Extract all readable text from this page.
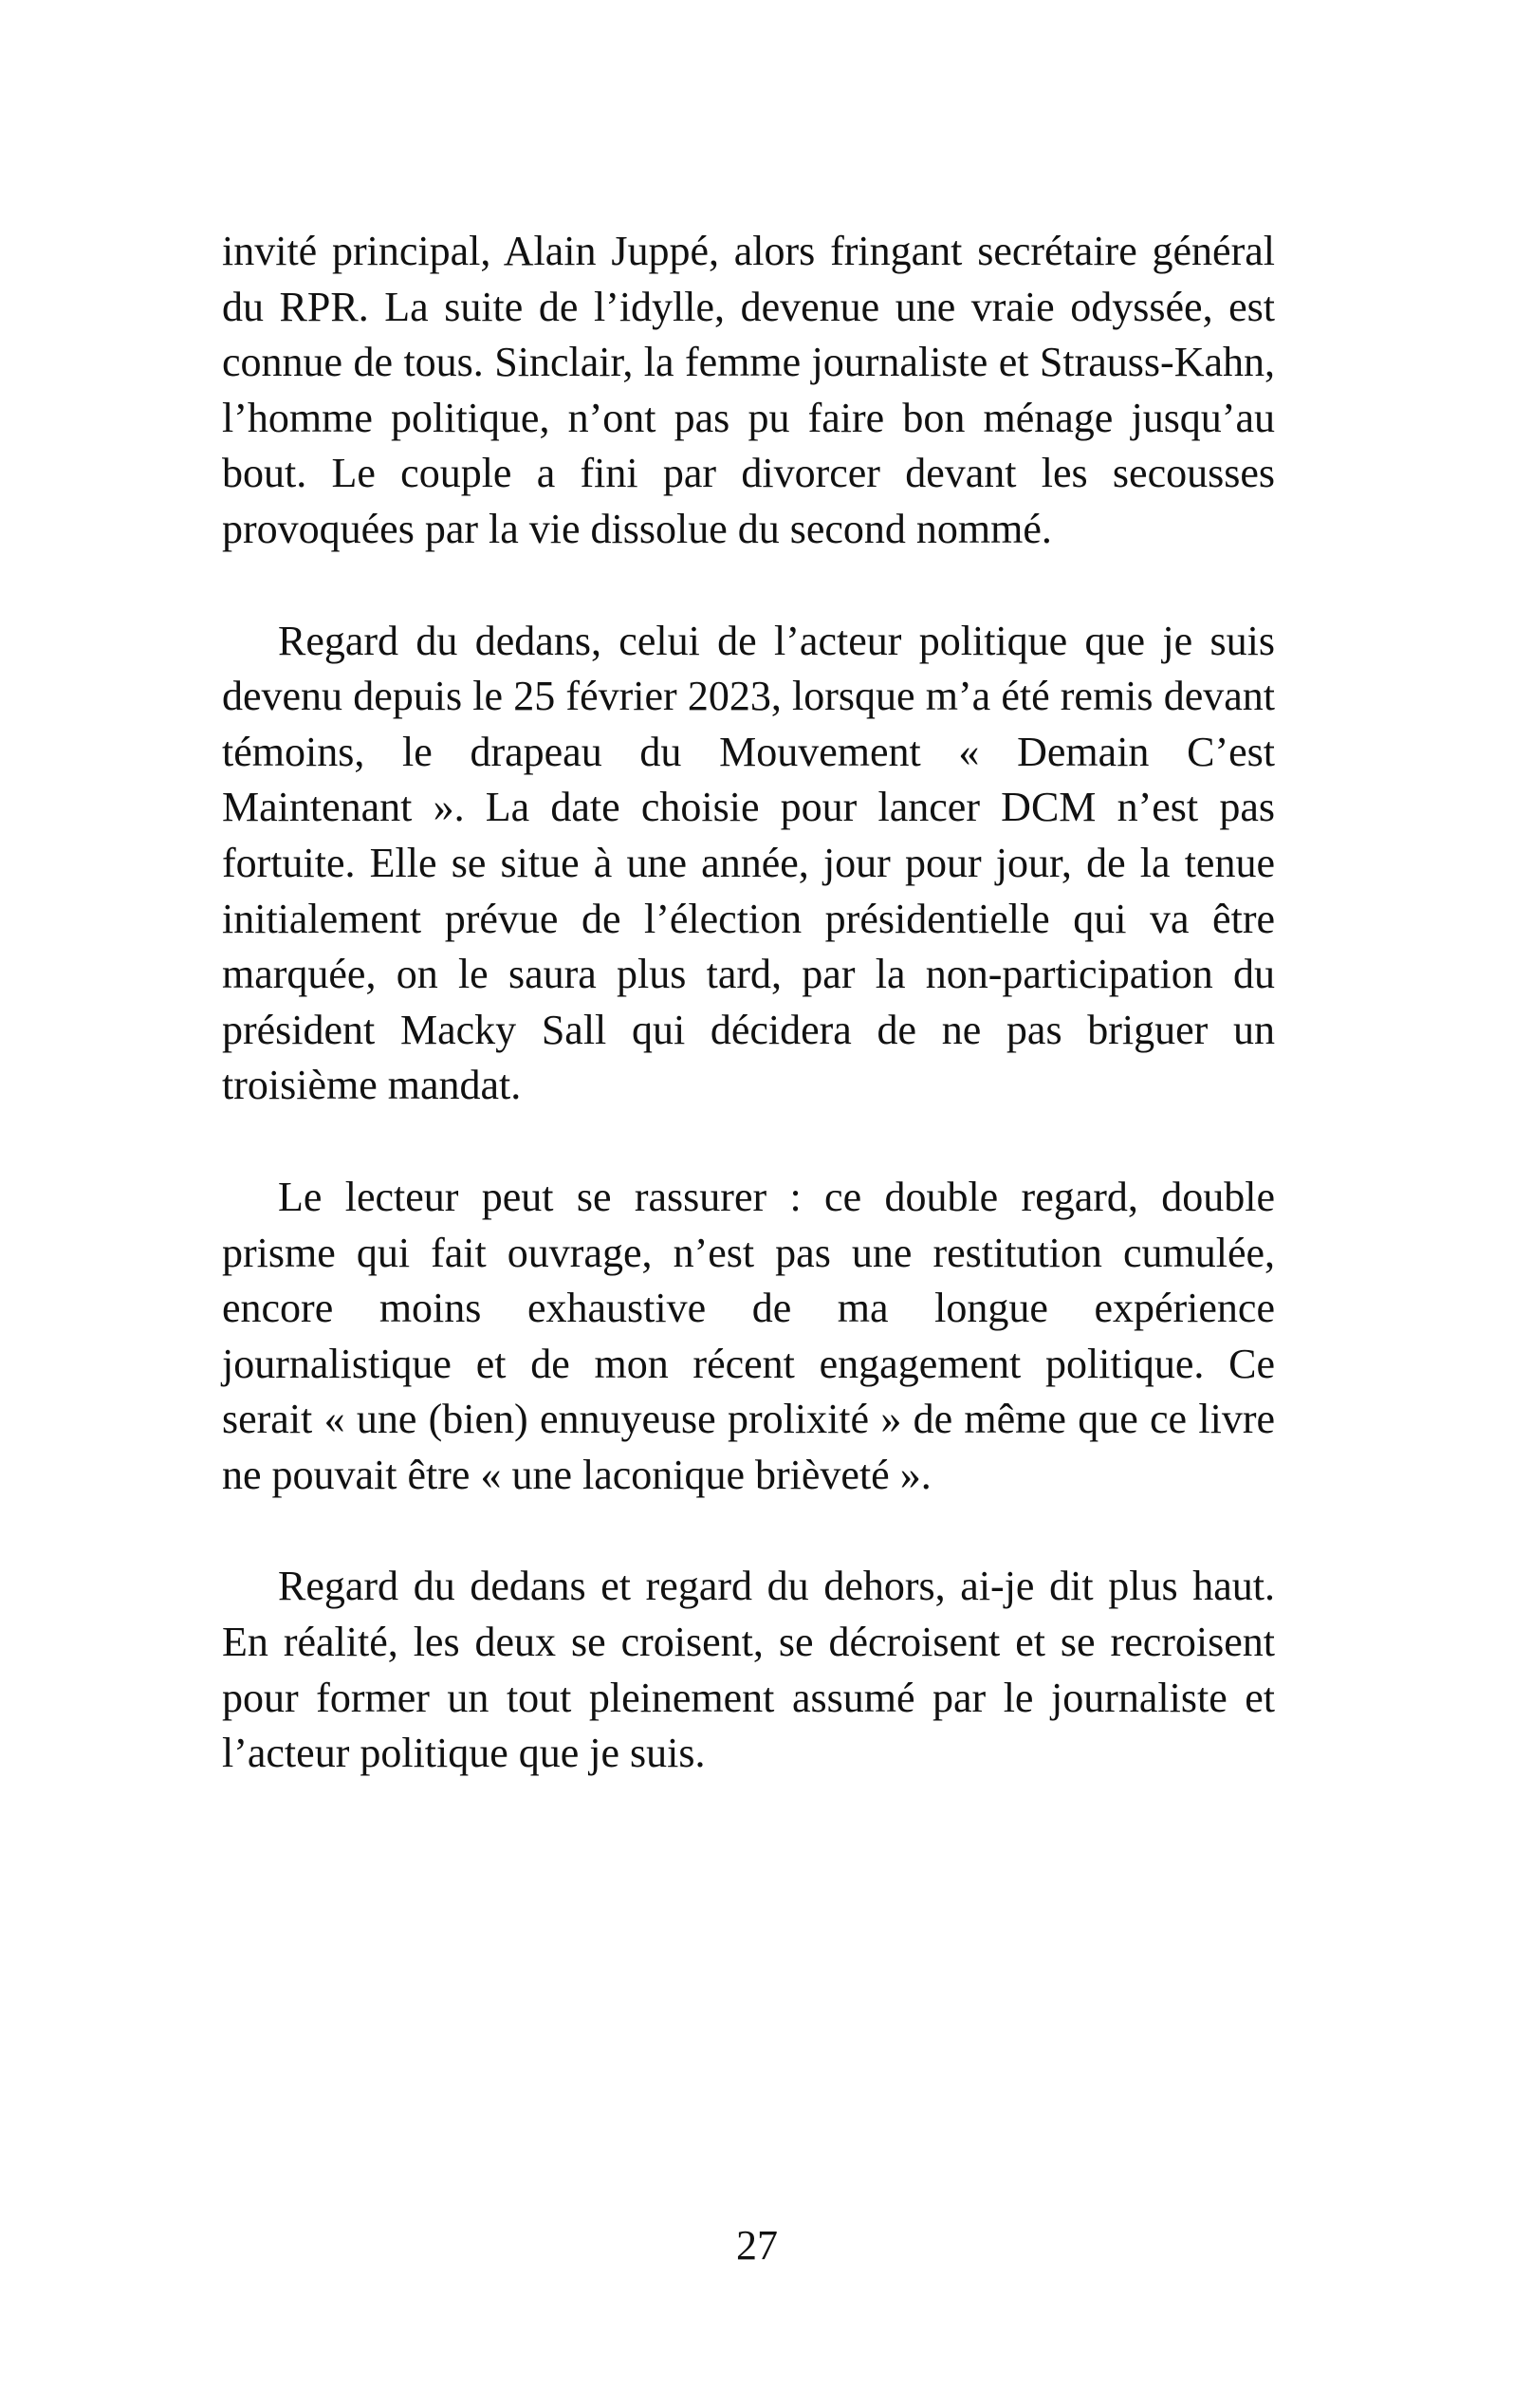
invité principal, Alain Juppé, alors fringant secrétaire général du RPR. La suite de l’idylle, devenue une vraie odyssée, est connue de tous. Sinclair, la femme journaliste et Strauss-Kahn, l’homme politique, n’ont pas pu faire bon ménage jusqu’au bout. Le couple a fini par divorcer devant les secousses provoquées par la vie dissolue du second nommé.

Regard du dedans, celui de l’acteur politique que je suis devenu depuis le 25 février 2023, lorsque m’a été remis devant témoins, le drapeau du Mouvement « Demain C’est Maintenant ». La date choisie pour lancer DCM n’est pas fortuite. Elle se situe à une année, jour pour jour, de la tenue initialement prévue de l’élection présidentielle qui va être marquée, on le saura plus tard, par la non-participation du président Macky Sall qui décidera de ne pas briguer un troisième mandat.

Le lecteur peut se rassurer : ce double regard, double prisme qui fait ouvrage, n’est pas une restitution cumulée, encore moins exhaustive de ma longue expérience journalistique et de mon récent engagement politique. Ce serait « une (bien) ennuyeuse prolixité » de même que ce livre ne pouvait être « une laconique brièveté ».

Regard du dedans et regard du dehors, ai-je dit plus haut. En réalité, les deux se croisent, se décroisent et se recroisent pour former un tout pleinement assumé par le journaliste et l’acteur politique que je suis.

27
